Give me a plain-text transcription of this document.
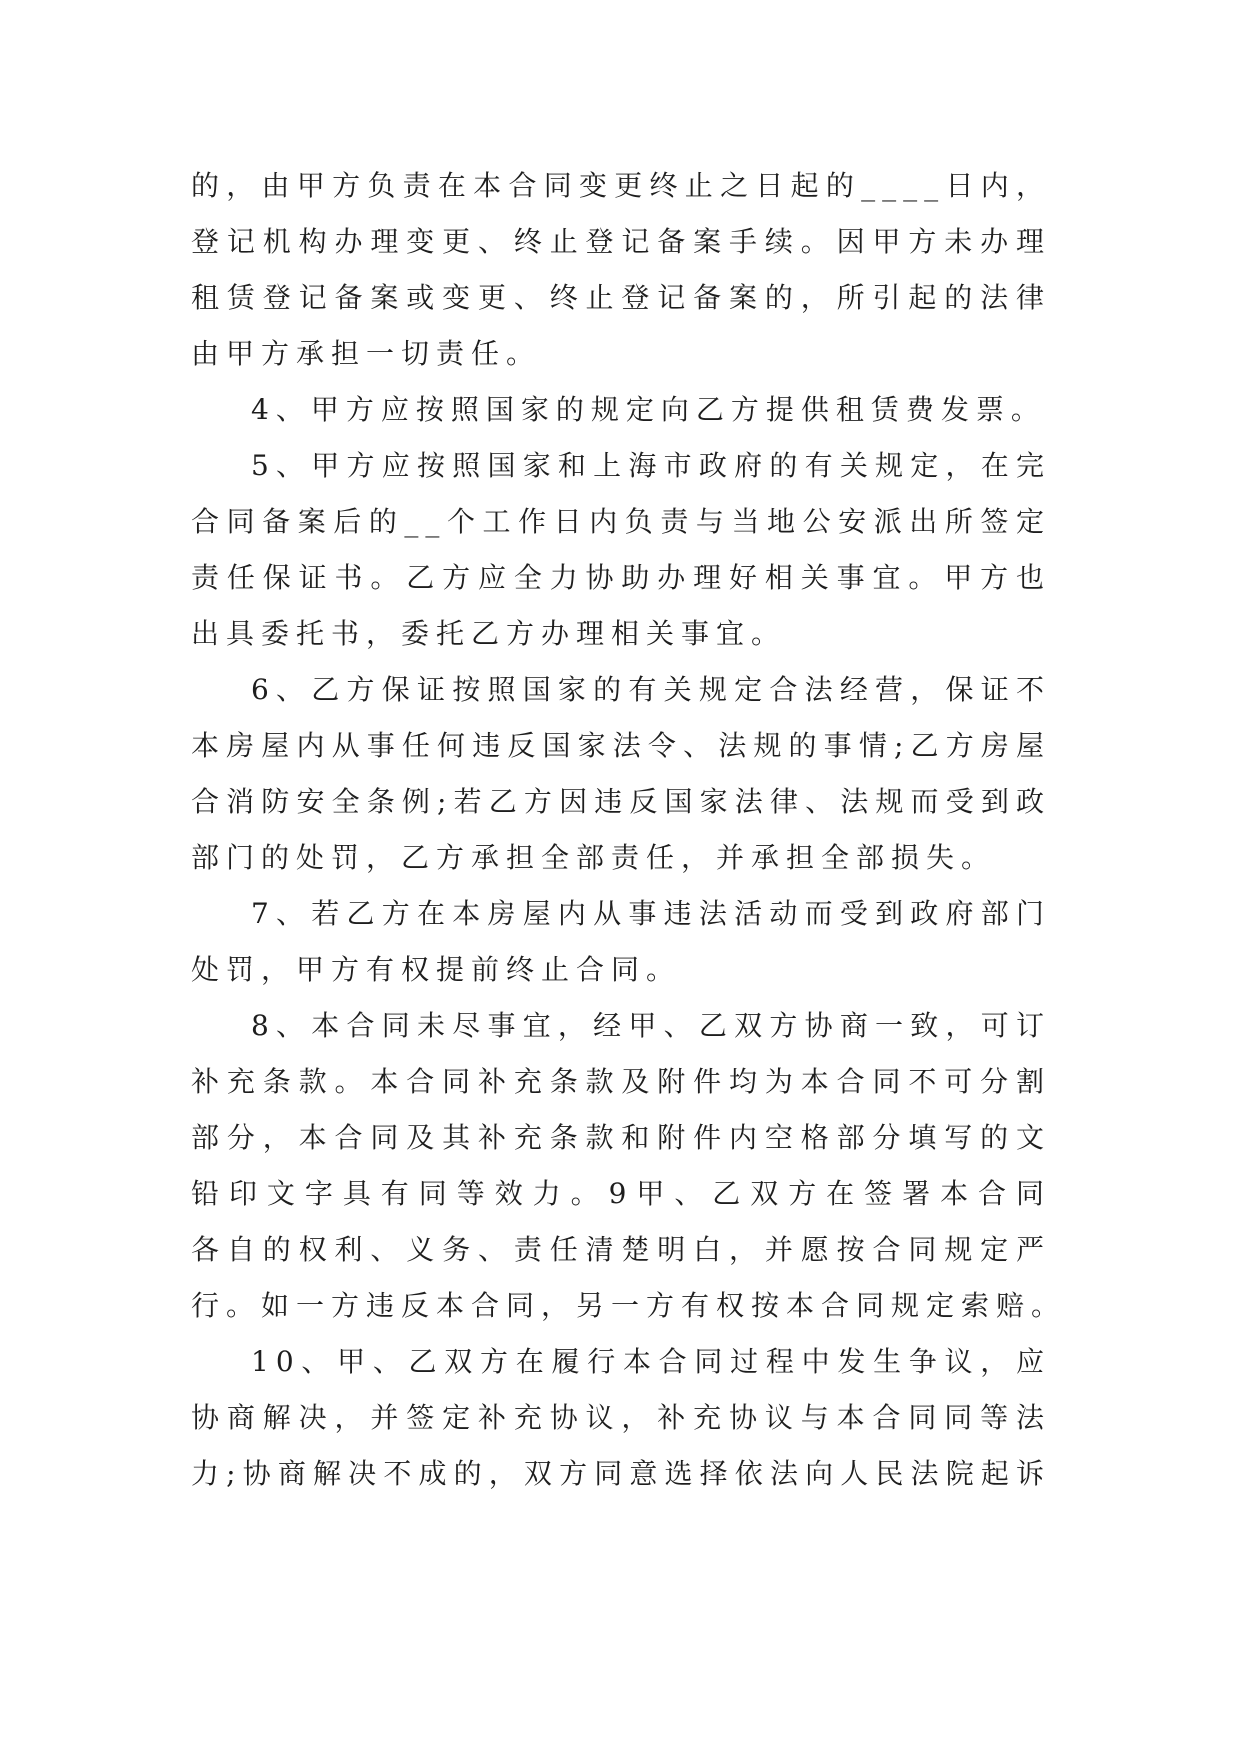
的，由甲方负责在本合同变更终止之日起的____日内，
登记机构办理变更、终止登记备案手续。因甲方未办理
租赁登记备案或变更、终止登记备案的，所引起的法律
由甲方承担一切责任。
4、甲方应按照国家的规定向乙方提供租赁费发票。
5、甲方应按照国家和上海市政府的有关规定，在完
合同备案后的__个工作日内负责与当地公安派出所签定
责任保证书。乙方应全力协助办理好相关事宜。甲方也
出具委托书，委托乙方办理相关事宜。
6、乙方保证按照国家的有关规定合法经营，保证不
本房屋内从事任何违反国家法令、法规的事情;乙方房屋
合消防安全条例;若乙方因违反国家法律、法规而受到政
部门的处罚，乙方承担全部责任，并承担全部损失。
7、若乙方在本房屋内从事违法活动而受到政府部门
处罚，甲方有权提前终止合同。
8、本合同未尽事宜，经甲、乙双方协商一致，可订
补充条款。本合同补充条款及附件均为本合同不可分割
部分，本合同及其补充条款和附件内空格部分填写的文
铅印文字具有同等效力。9甲、乙双方在签署本合同
各自的权利、义务、责任清楚明白，并愿按合同规定严
行。如一方违反本合同，另一方有权按本合同规定索赔。
10、甲、乙双方在履行本合同过程中发生争议，应
协商解决，并签定补充协议，补充协议与本合同同等法
力;协商解决不成的，双方同意选择依法向人民法院起诉
